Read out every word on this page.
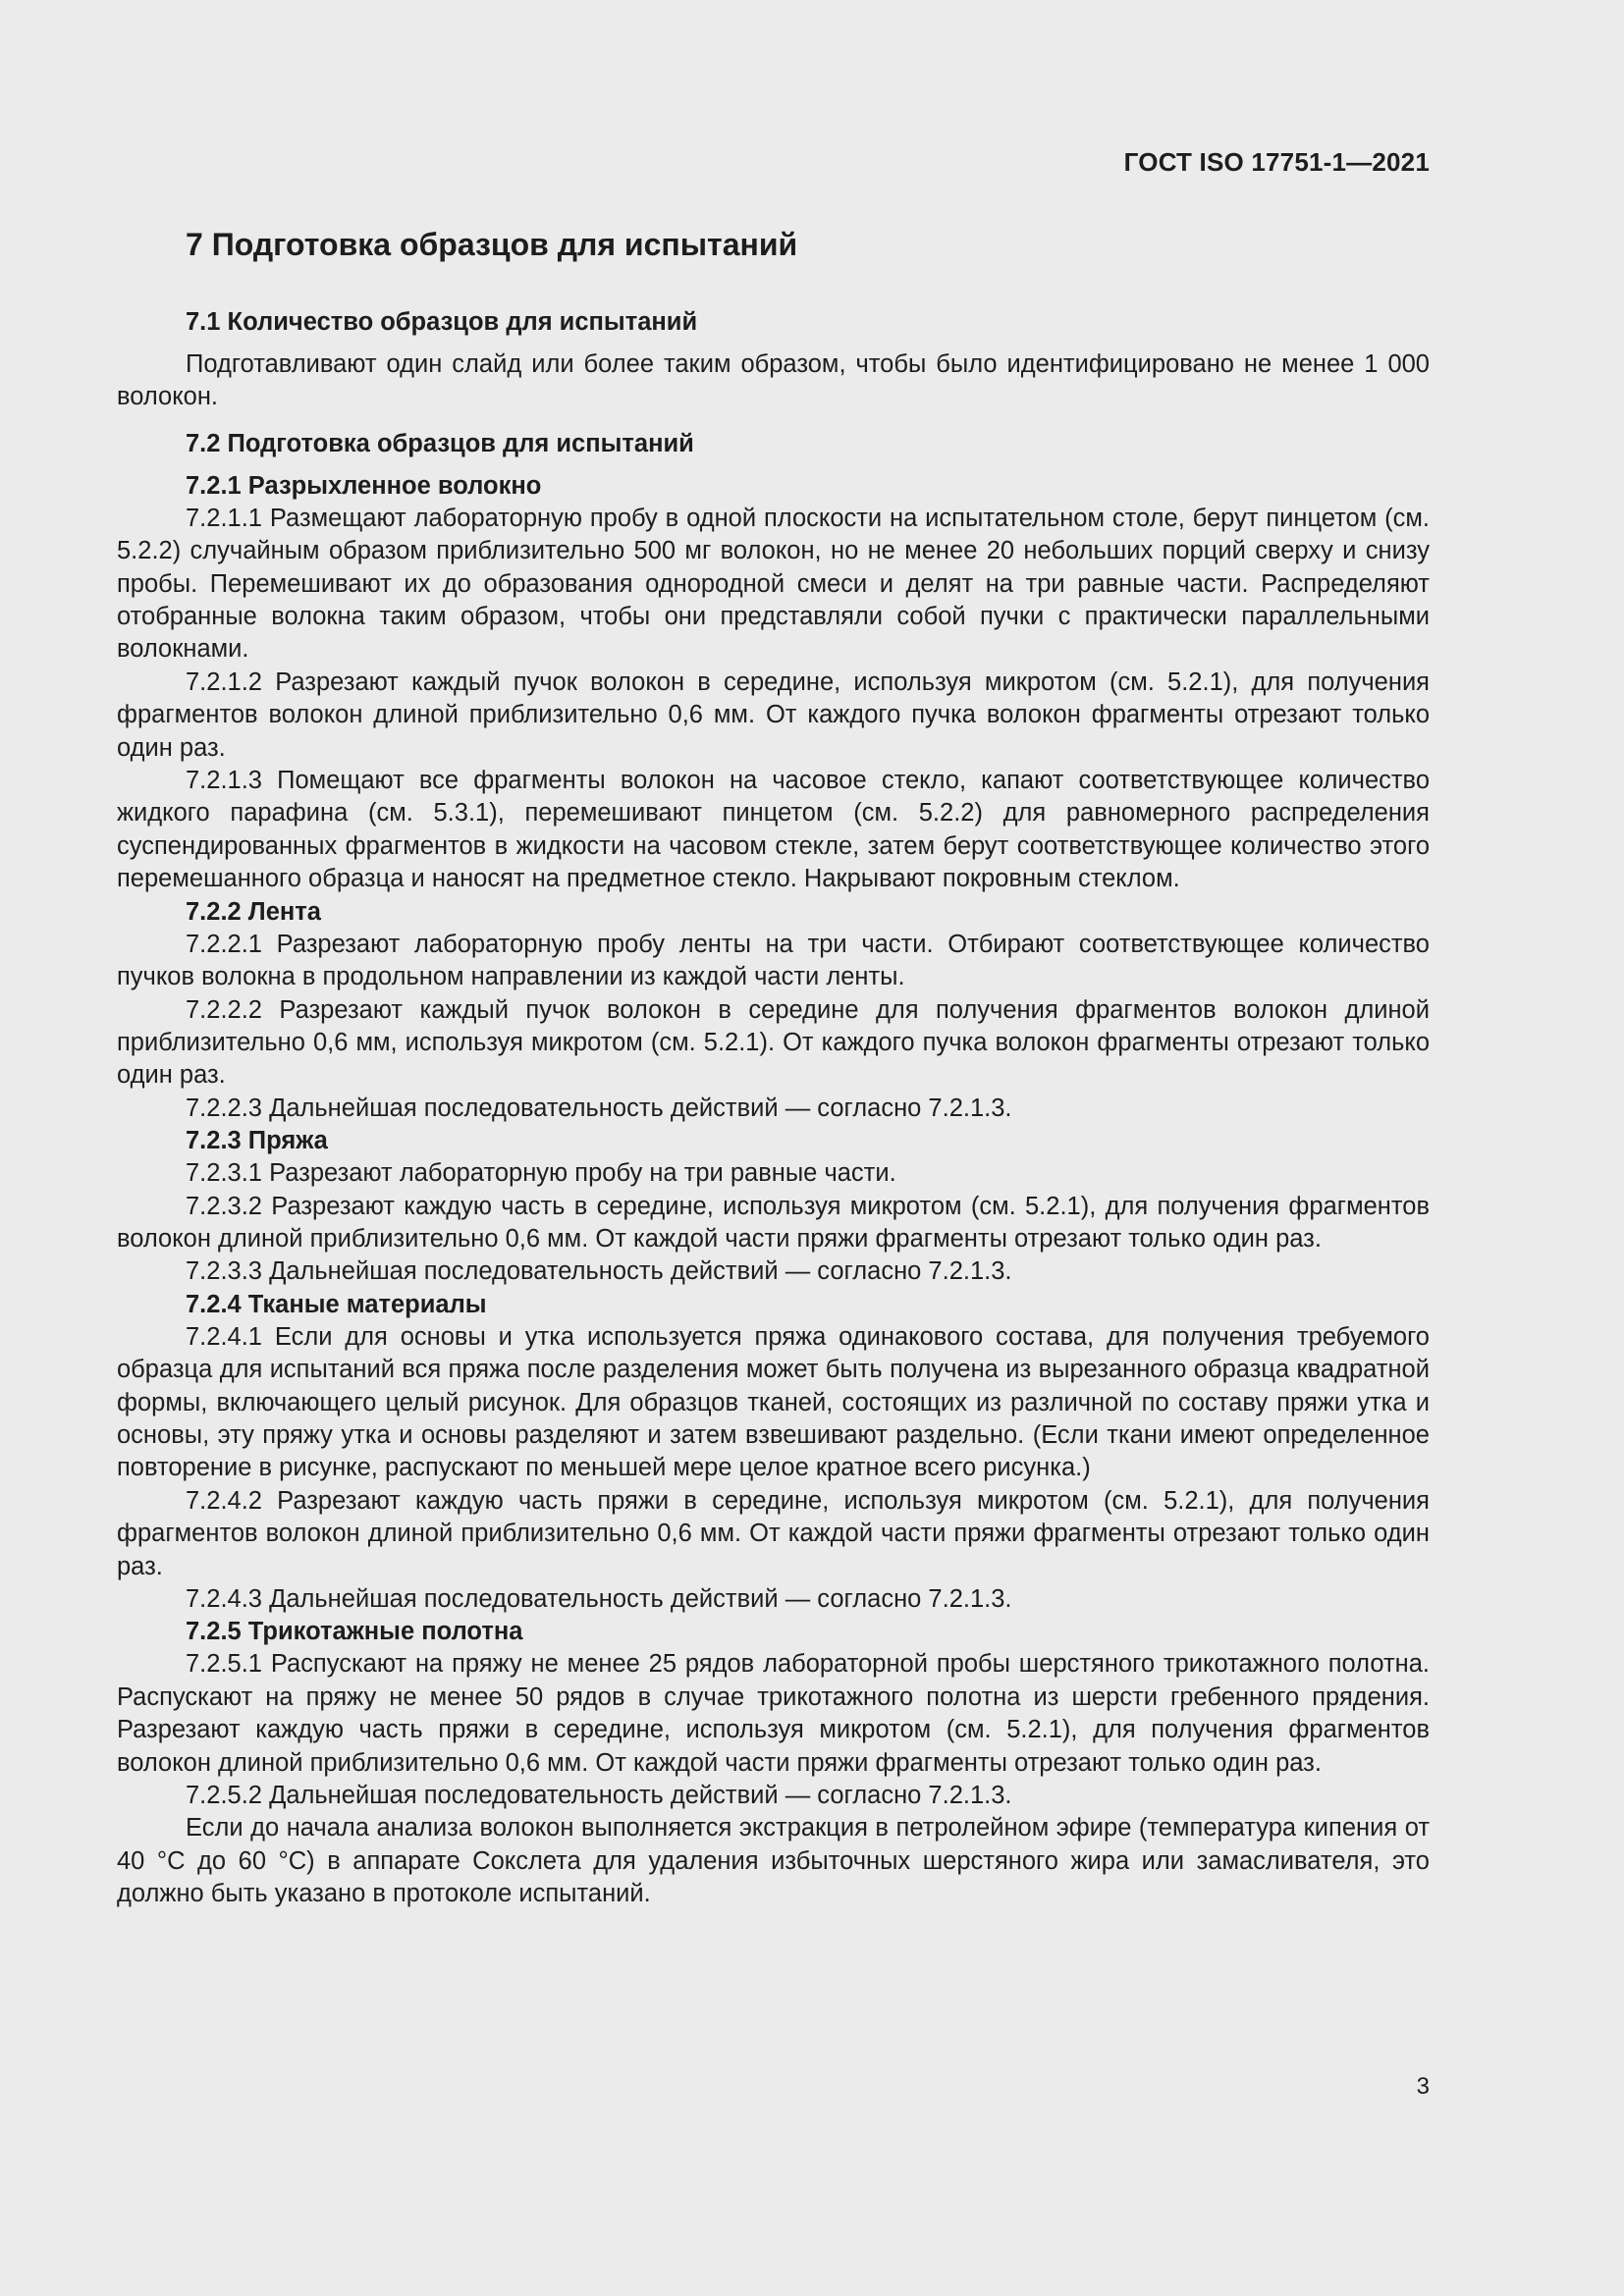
ГОСТ ISO 17751-1—2021
7 Подготовка образцов для испытаний
7.1 Количество образцов для испытаний

Подготавливают один слайд или более таким образом, чтобы было идентифицировано не менее 1 000 волокон.

7.2 Подготовка образцов для испытаний
7.2.1 Разрыхленное волокно

7.2.1.1 Размещают лабораторную пробу в одной плоскости на испытательном столе, берут пинцетом (см. 5.2.2) случайным образом приблизительно 500 мг волокон, но не менее 20 небольших порций сверху и снизу пробы. Перемешивают их до образования однородной смеси и делят на три равные части. Распределяют отобранные волокна таким образом, чтобы они представляли собой пучки с практически параллельными волокнами.

7.2.1.2 Разрезают каждый пучок волокон в середине, используя микротом (см. 5.2.1), для получения фрагментов волокон длиной приблизительно 0,6 мм. От каждого пучка волокон фрагменты отрезают только один раз.

7.2.1.3 Помещают все фрагменты волокон на часовое стекло, капают соответствующее количество жидкого парафина (см. 5.3.1), перемешивают пинцетом (см. 5.2.2) для равномерного распределения суспендированных фрагментов в жидкости на часовом стекле, затем берут соответствующее количество этого перемешанного образца и наносят на предметное стекло. Накрывают покровным стеклом.

7.2.2 Лента

7.2.2.1 Разрезают лабораторную пробу ленты на три части. Отбирают соответствующее количество пучков волокна в продольном направлении из каждой части ленты.

7.2.2.2 Разрезают каждый пучок волокон в середине для получения фрагментов волокон длиной приблизительно 0,6 мм, используя микротом (см. 5.2.1). От каждого пучка волокон фрагменты отрезают только один раз.

7.2.2.3 Дальнейшая последовательность действий — согласно 7.2.1.3.

7.2.3 Пряжа

7.2.3.1 Разрезают лабораторную пробу на три равные части.

7.2.3.2 Разрезают каждую часть в середине, используя микротом (см. 5.2.1), для получения фрагментов волокон длиной приблизительно 0,6 мм. От каждой части пряжи фрагменты отрезают только один раз.

7.2.3.3 Дальнейшая последовательность действий — согласно 7.2.1.3.

7.2.4 Тканые материалы

7.2.4.1 Если для основы и утка используется пряжа одинакового состава, для получения требуемого образца для испытаний вся пряжа после разделения может быть получена из вырезанного образца квадратной формы, включающего целый рисунок. Для образцов тканей, состоящих из различной по составу пряжи утка и основы, эту пряжу утка и основы разделяют и затем взвешивают раздельно. (Если ткани имеют определенное повторение в рисунке, распускают по меньшей мере целое кратное всего рисунка.)

7.2.4.2 Разрезают каждую часть пряжи в середине, используя микротом (см. 5.2.1), для получения фрагментов волокон длиной приблизительно 0,6 мм. От каждой части пряжи фрагменты отрезают только один раз.

7.2.4.3 Дальнейшая последовательность действий — согласно 7.2.1.3.

7.2.5 Трикотажные полотна

7.2.5.1 Распускают на пряжу не менее 25 рядов лабораторной пробы шерстяного трикотажного полотна. Распускают на пряжу не менее 50 рядов в случае трикотажного полотна из шерсти гребенного прядения. Разрезают каждую часть пряжи в середине, используя микротом (см. 5.2.1), для получения фрагментов волокон длиной приблизительно 0,6 мм. От каждой части пряжи фрагменты отрезают только один раз.

7.2.5.2 Дальнейшая последовательность действий — согласно 7.2.1.3.

Если до начала анализа волокон выполняется экстракция в петролейном эфире (температура кипения от 40 °С до 60 °С) в аппарате Сокслета для удаления избыточных шерстяного жира или замасливателя, это должно быть указано в протоколе испытаний.

3
